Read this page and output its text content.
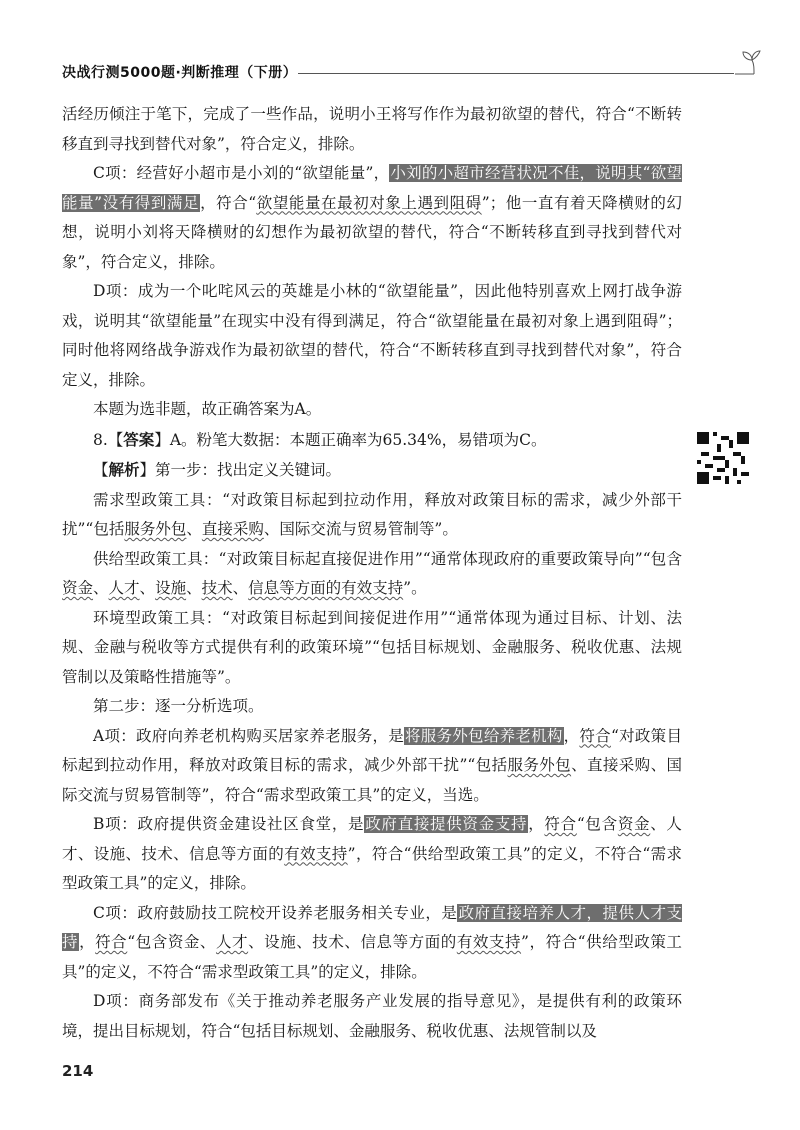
决战行测5000题·判断推理（下册）

活经历倾注于笔下，完成了一些作品，说明小王将写作作为最初欲望的替代，符合“不断转移直到寻找到替代对象”，符合定义，排除。

C项：经营好小超市是小刘的“欲望能量”，小刘的小超市经营状况不佳，说明其“欲望能量”没有得到满足，符合“欲望能量在最初对象上遇到阻碍”；他一直有着天降横财的幻想，说明小刘将天降横财的幻想作为最初欲望的替代，符合“不断转移直到寻找到替代对象”，符合定义，排除。

D项：成为一个叱咤风云的英雄是小林的“欲望能量”，因此他特别喜欢上网打战争游戏，说明其“欲望能量”在现实中没有得到满足，符合“欲望能量在最初对象上遇到阻碍”；同时他将网络战争游戏作为最初欲望的替代，符合“不断转移直到寻找到替代对象”，符合定义，排除。

本题为选非题，故正确答案为A。

8.【答案】A。粉笔大数据：本题正确率为65.34%，易错项为C。

【解析】第一步：找出定义关键词。

需求型政策工具：“对政策目标起到拉动作用，释放对政策目标的需求，减少外部干扰”“包括服务外包、直接采购、国际交流与贸易管制等”。

供给型政策工具：“对政策目标起直接促进作用”“通常体现政府的重要政策导向”“包含资金、人才、设施、技术、信息等方面的有效支持”。

环境型政策工具：“对政策目标起到间接促进作用”“通常体现为通过目标、计划、法规、金融与税收等方式提供有利的政策环境”“包括目标规划、金融服务、税收优惠、法规管制以及策略性措施等”。

第二步：逐一分析选项。

A项：政府向养老机构购买居家养老服务，是将服务外包给养老机构，符合“对政策目标起到拉动作用，释放对政策目标的需求，减少外部干扰”“包括服务外包、直接采购、国际交流与贸易管制等”，符合“需求型政策工具”的定义，当选。

B项：政府提供资金建设社区食堂，是政府直接提供资金支持，符合“包含资金、人才、设施、技术、信息等方面的有效支持”，符合“供给型政策工具”的定义，不符合“需求型政策工具”的定义，排除。

C项：政府鼓励技工院校开设养老服务相关专业，是政府直接培养人才，提供人才支持，符合“包含资金、人才、设施、技术、信息等方面的有效支持”，符合“供给型政策工具”的定义，不符合“需求型政策工具”的定义，排除。

D项：商务部发布《关于推动养老服务产业发展的指导意见》，是提供有利的政策环境，提出目标规划，符合“包括目标规划、金融服务、税收优惠、法规管制以及

214
